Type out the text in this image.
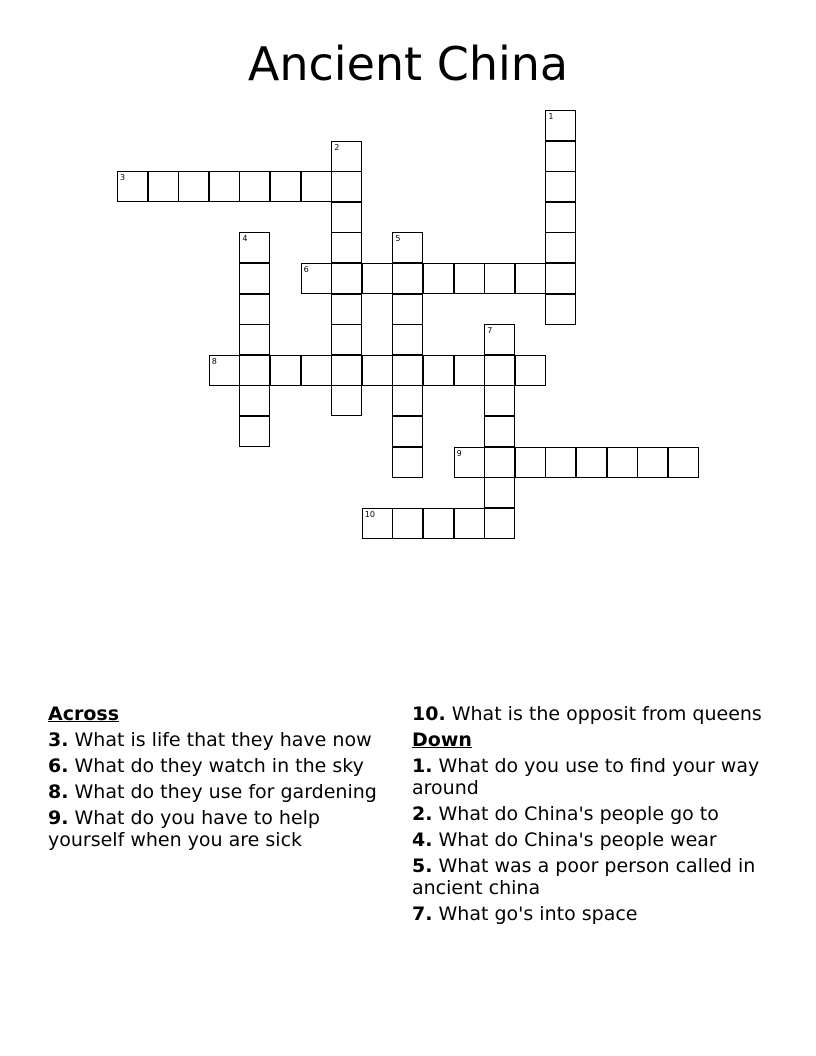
Ancient China
1
2
3
4	5
6
7
8
9
10
Across
3. What is life that they have now
6. What do they watch in the sky
8. What do they use for gardening
9. What do you have to help yourself when you are sick
10. What is the opposit from queens
Down
1. What do you use to find your way around
2. What do China's people go to
4. What do China's people wear
5. What was a poor person called in ancient china
7. What go's into space
